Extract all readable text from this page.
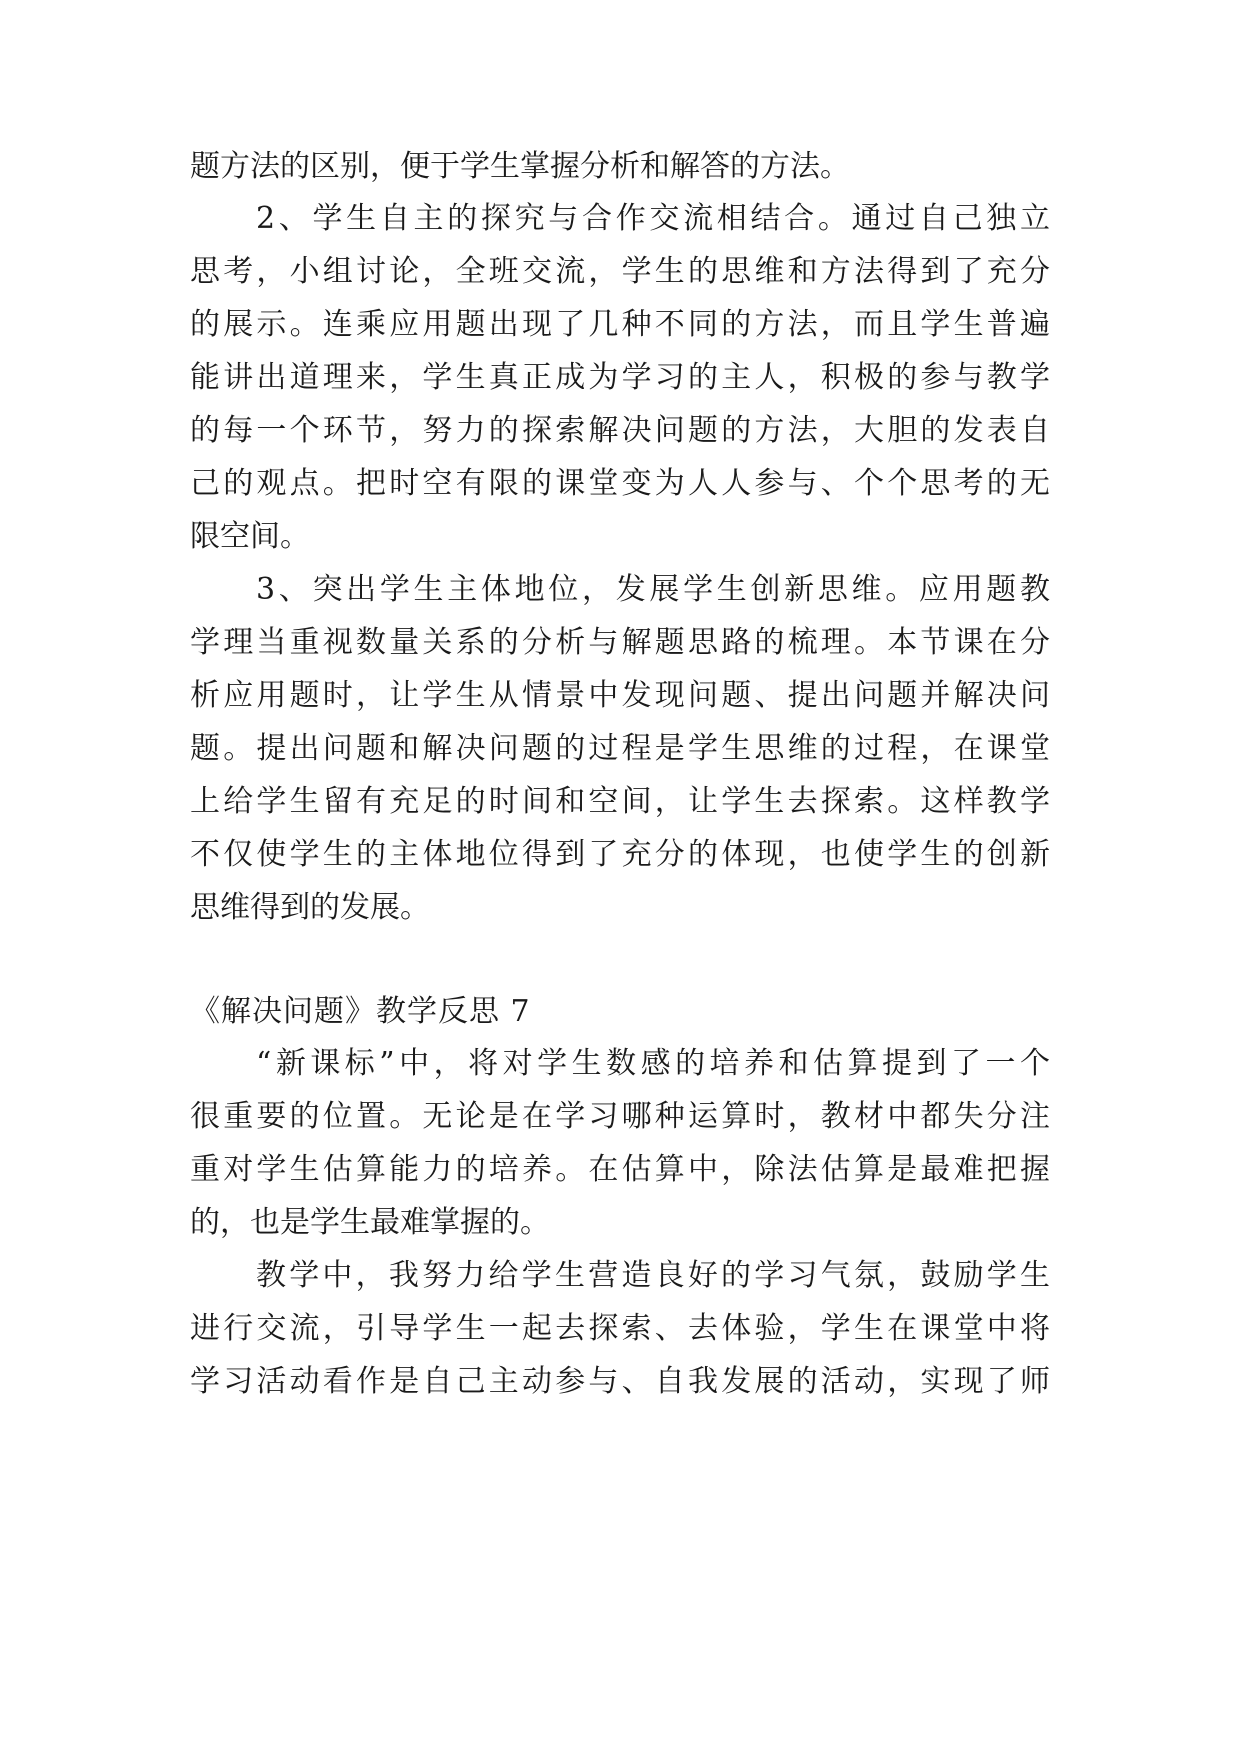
题方法的区别，便于学生掌握分析和解答的方法。
2、学生自主的探究与合作交流相结合。通过自己独立
思考，小组讨论，全班交流，学生的思维和方法得到了充分
的展示。连乘应用题出现了几种不同的方法，而且学生普遍
能讲出道理来，学生真正成为学习的主人，积极的参与教学
的每一个环节，努力的探索解决问题的方法，大胆的发表自
己的观点。把时空有限的课堂变为人人参与、个个思考的无
限空间。
3、突出学生主体地位，发展学生创新思维。应用题教
学理当重视数量关系的分析与解题思路的梳理。本节课在分
析应用题时，让学生从情景中发现问题、提出问题并解决问
题。提出问题和解决问题的过程是学生思维的过程，在课堂
上给学生留有充足的时间和空间，让学生去探索。这样教学
不仅使学生的主体地位得到了充分的体现，也使学生的创新
思维得到的发展。
《解决问题》教学反思 7
“新课标”中，将对学生数感的培养和估算提到了一个
很重要的位置。无论是在学习哪种运算时，教材中都失分注
重对学生估算能力的培养。在估算中，除法估算是最难把握
的，也是学生最难掌握的。
教学中，我努力给学生营造良好的学习气氛，鼓励学生
进行交流，引导学生一起去探索、去体验，学生在课堂中将
学习活动看作是自己主动参与、自我发展的活动，实现了师
